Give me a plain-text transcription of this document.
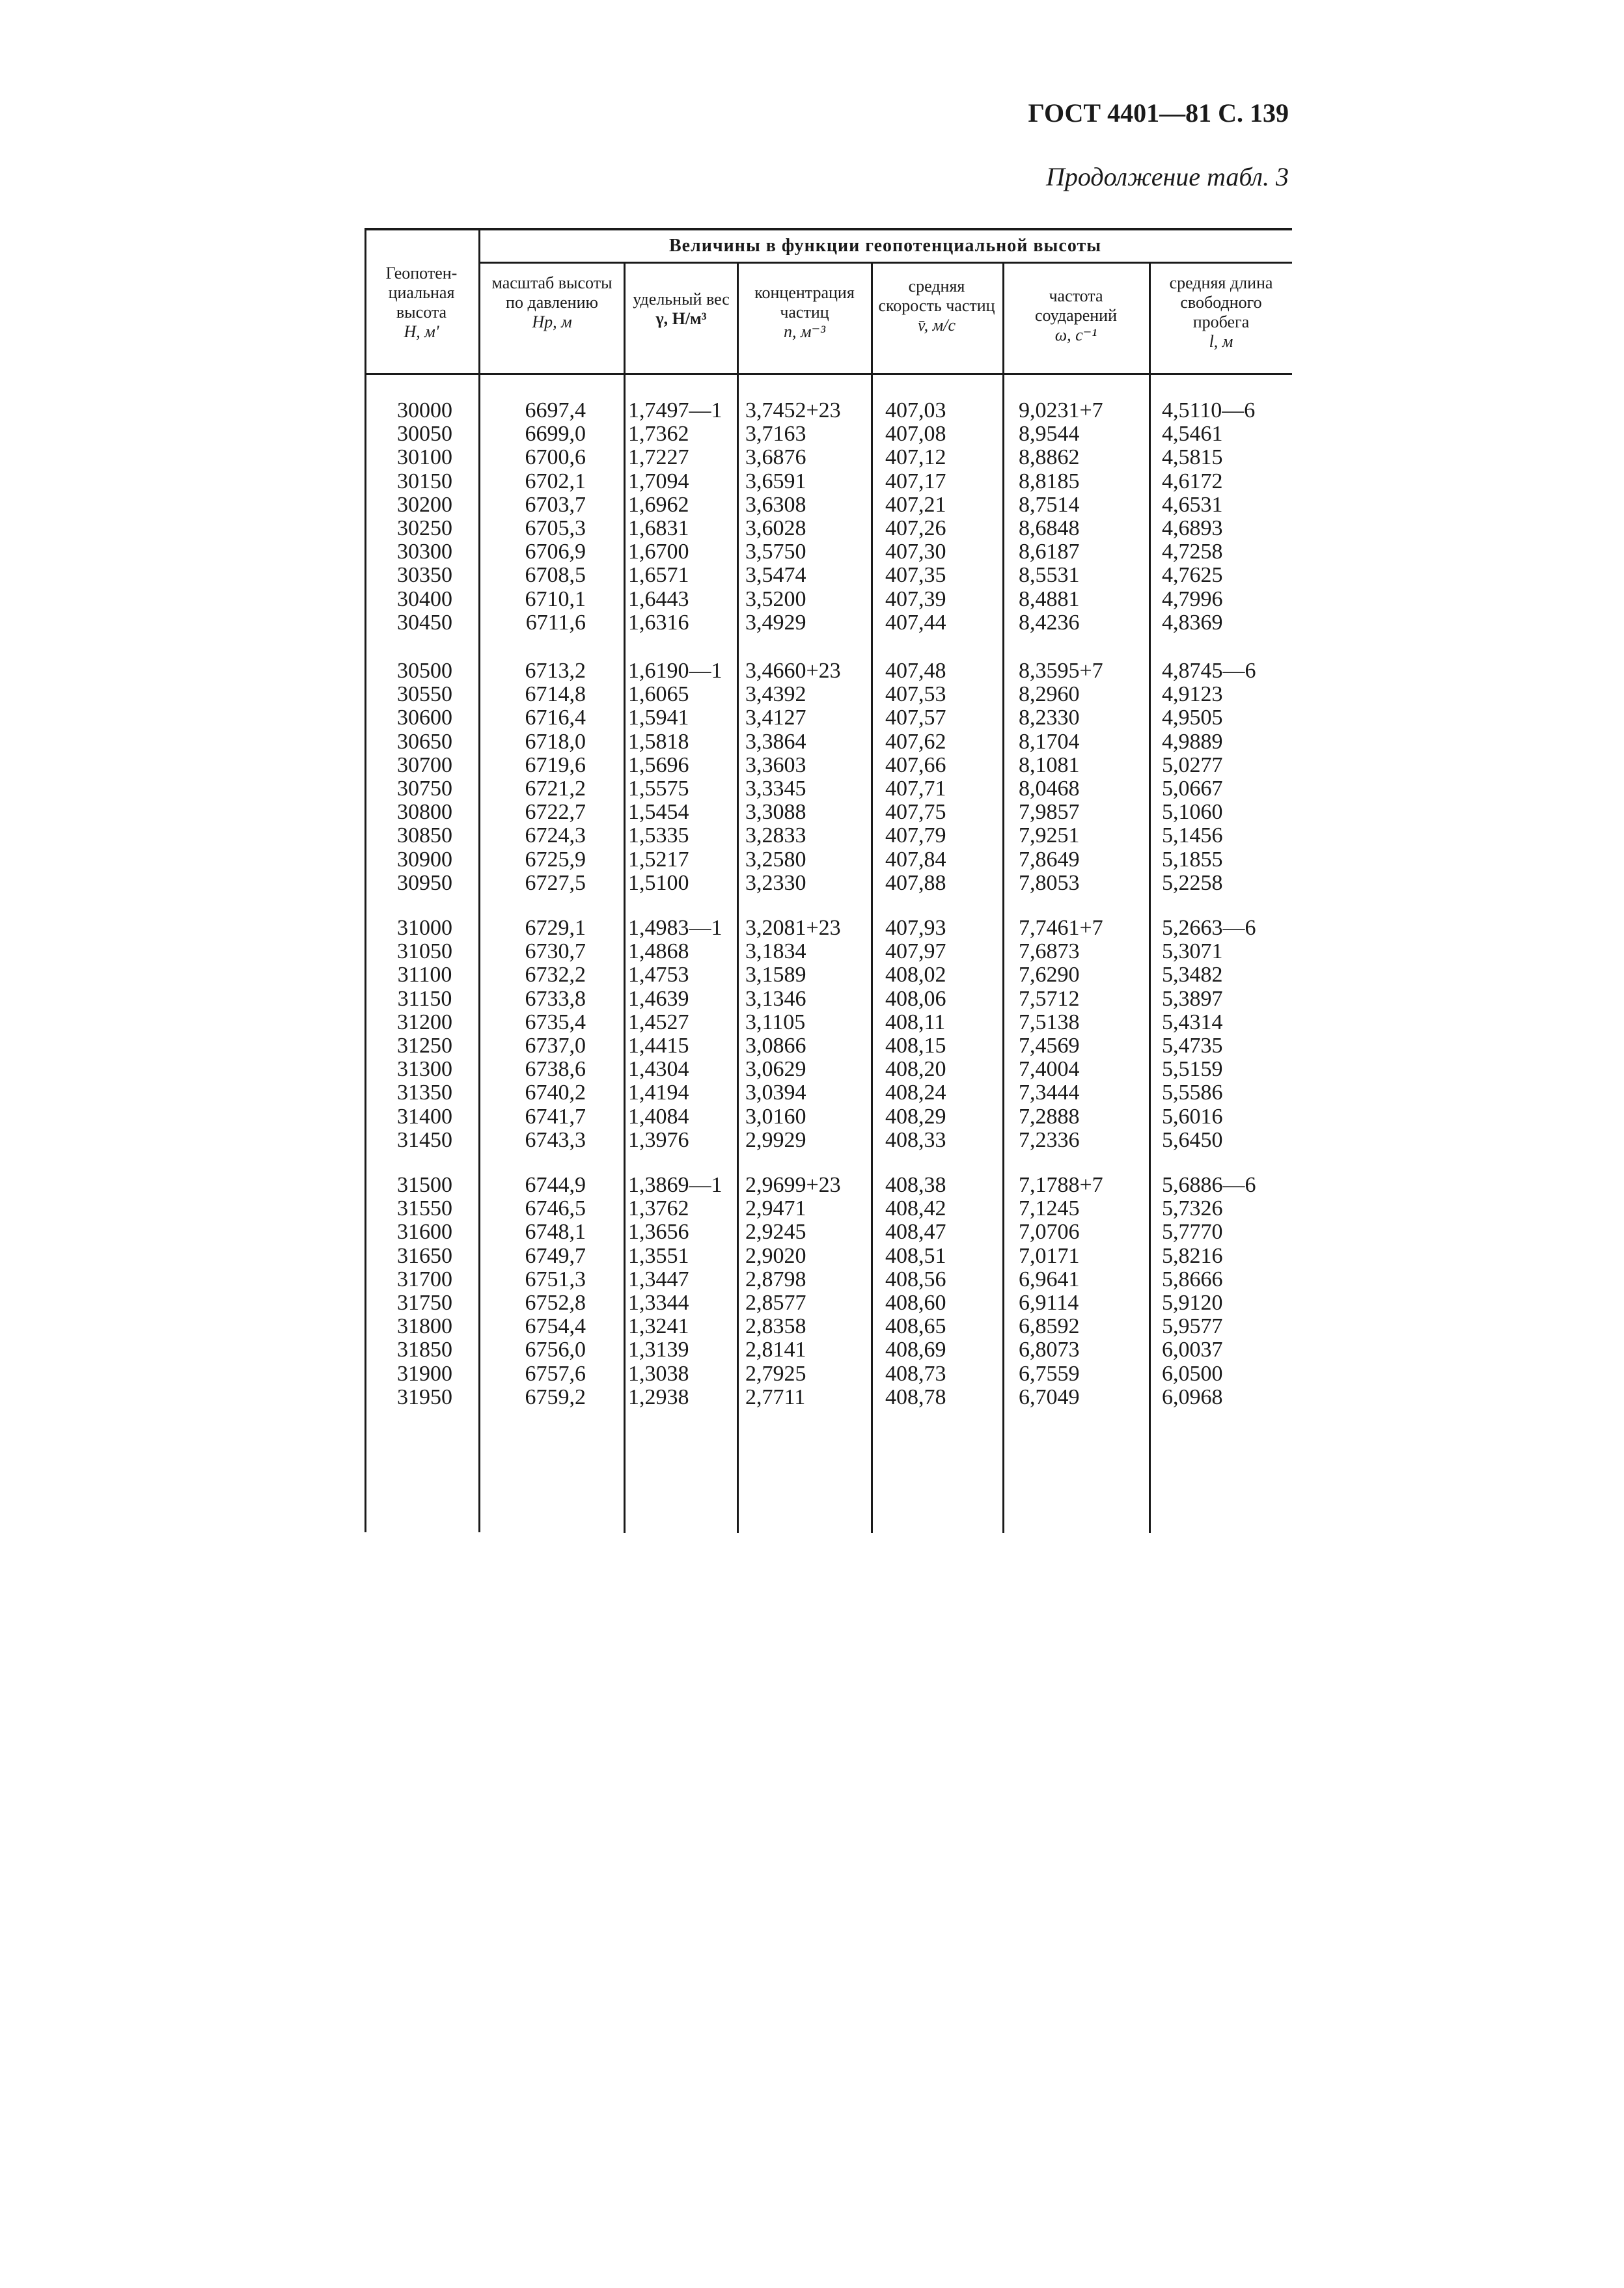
ГОСТ 4401—81 С. 139
Продолжение табл. 3
Величины в функции геопотенциальной высоты
Геопотен-циальная высота
H, м'
масштаб высоты по давлению
Hp, м
удельный вес
γ, Н/м³
концентрация частиц
n, м⁻³
средняя скорость частиц
v̄, м/с
частота соударений
ω, с⁻¹
средняя длина свободного пробега
l, м
30000	6697,4 1,7497—1	3,7452+23	407,03	9,0231+7	4,5110—6
30050	6699,0 1,7362	3,7163	407,08	8,9544	4,5461
30100	6700,6 1,7227	3,6876	407,12	8,8862	4,5815
30150	6702,1 1,7094	3,6591	407,17	8,8185	4,6172
30200	6703,7 1,6962	3,6308	407,21	8,7514	4,6531
30250	6705,3 1,6831	3,6028	407,26	8,6848	4,6893
30300	6706,9 1,6700	3,5750	407,30	8,6187	4,7258
30350	6708,5 1,6571	3,5474	407,35	8,5531	4,7625
30400	6710,1 1,6443	3,5200	407,39	8,4881	4,7996
30450	6711,6 1,6316	3,4929	407,44	8,4236	4,8369
30500	6713,2 1,6190—1	3,4660+23	407,48	8,3595+7	4,8745—6
30550	6714,8 1,6065	3,4392	407,53	8,2960	4,9123
30600	6716,4 1,5941	3,4127	407,57	8,2330	4,9505
30650	6718,0 1,5818	3,3864	407,62	8,1704	4,9889
30700	6719,6 1,5696	3,3603	407,66	8,1081	5,0277
30750	6721,2 1,5575	3,3345	407,71	8,0468	5,0667
30800	6722,7 1,5454	3,3088	407,75	7,9857	5,1060
30850	6724,3 1,5335	3,2833	407,79	7,9251	5,1456
30900	6725,9 1,5217	3,2580	407,84	7,8649	5,1855
30950	6727,5 1,5100	3,2330	407,88	7,8053	5,2258
31000	6729,1 1,4983—1	3,2081+23	407,93	7,7461+7	5,2663—6
31050	6730,7 1,4868	3,1834	407,97	7,6873	5,3071
31100	6732,2 1,4753	3,1589	408,02	7,6290	5,3482
31150	6733,8 1,4639	3,1346	408,06	7,5712	5,3897
31200	6735,4 1,4527	3,1105	408,11	7,5138	5,4314
31250	6737,0 1,4415	3,0866	408,15	7,4569	5,4735
31300	6738,6 1,4304	3,0629	408,20	7,4004	5,5159
31350	6740,2 1,4194	3,0394	408,24	7,3444	5,5586
31400	6741,7 1,4084	3,0160	408,29	7,2888	5,6016
31450	6743,3 1,3976	2,9929	408,33	7,2336	5,6450
31500	6744,9 1,3869—1	2,9699+23	408,38	7,1788+7	5,6886—6
31550	6746,5 1,3762	2,9471	408,42	7,1245	5,7326
31600	6748,1 1,3656	2,9245	408,47	7,0706	5,7770
31650	6749,7 1,3551	2,9020	408,51	7,0171	5,8216
31700	6751,3 1,3447	2,8798	408,56	6,9641	5,8666
31750	6752,8 1,3344	2,8577	408,60	6,9114	5,9120
31800	6754,4 1,3241	2,8358	408,65	6,8592	5,9577
31850	6756,0 1,3139	2,8141	408,69	6,8073	6,0037
31900	6757,6 1,3038	2,7925	408,73	6,7559	6,0500
31950	6759,2 1,2938	2,7711	408,78	6,7049	6,0968
